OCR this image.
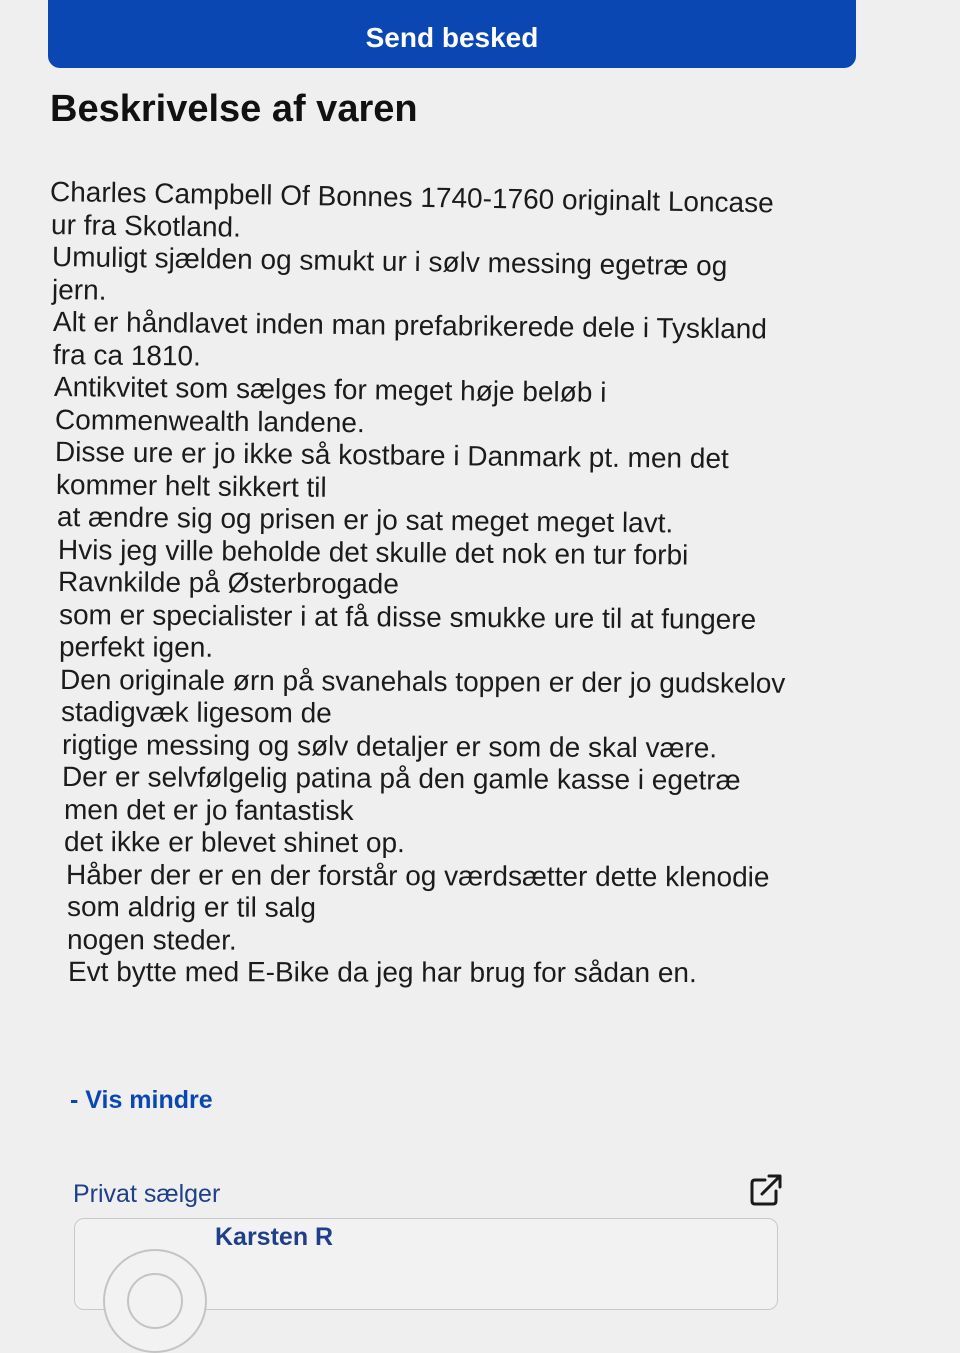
Send besked
Beskrivelse af varen
Charles Campbell Of Bonnes 1740-1760 originalt Loncase
ur fra Skotland.
Umuligt sjælden og smukt ur i sølv messing egetræ og
jern.
Alt er håndlavet inden man prefabrikerede dele i Tyskland
fra ca 1810.
Antikvitet som sælges for meget høje beløb i
Commenwealth landene.
Disse ure er jo ikke så kostbare i Danmark pt. men det
kommer helt sikkert til
at ændre sig og prisen er jo sat meget meget lavt.
Hvis jeg ville beholde det skulle det nok en tur forbi
Ravnkilde på Østerbrogade
som er specialister i at få disse smukke ure til at fungere
perfekt igen.
Den originale ørn på svanehals toppen er der jo gudskelov
stadigvæk ligesom de
rigtige messing og sølv detaljer er som de skal være.
Der er selvfølgelig patina på den gamle kasse i egetræ
men det er jo fantastisk
det ikke er blevet shinet op.
Håber der er en der forstår og værdsætter dette klenodie
som aldrig er til salg
nogen steder.
Evt bytte med E-Bike da jeg har brug for sådan en.
- Vis mindre
Privat sælger
Karsten R
